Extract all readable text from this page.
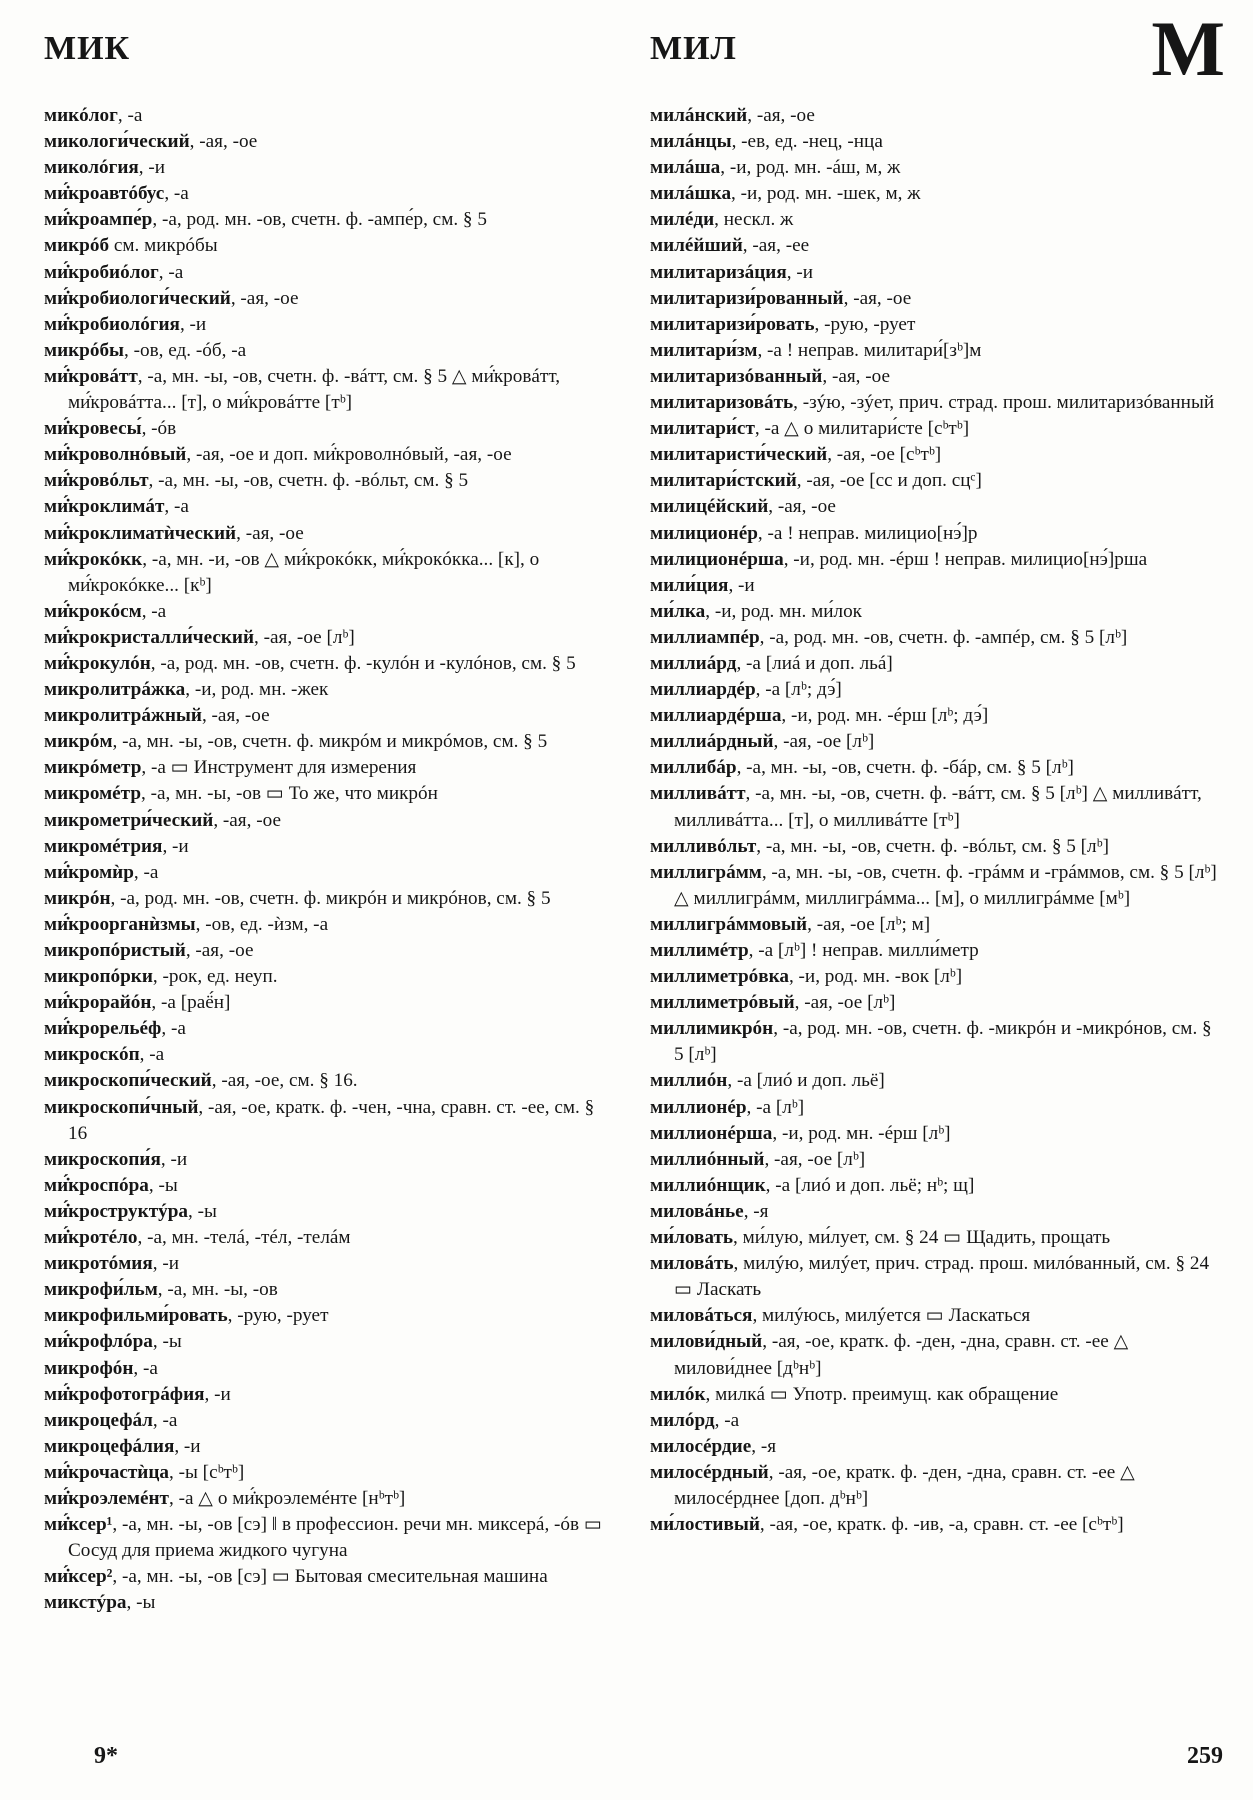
МИК	МИЛ	М

микóлог, -а

микологи́ческий, -ая, -ое

миколóгия, -и

ми̇́кроавтóбус, -а

ми̇́кроампе́р, -а, род. мн. -ов, счетн. ф. -ампе́р, см. § 5

микрóб см. микрóбы

ми̇́кробиóлог, -а

ми̇́кробиологи́ческий, -ая, -ое

ми̇́кробиолóгия, -и

микрóбы, -ов, ед. -óб, -а

ми̇́кровáтт, -а, мн. -ы, -ов, счетн. ф. -вáтт, см. § 5 △ ми̇́кровáтт, ми̇́кровáтта... [т], о ми̇́кровáтте [тᵇ]

ми̇́кровесы́, -óв

ми̇́кроволнóвый, -ая, -ое и доп. ми̇́кроволнóвый, -ая, -ое

ми̇́кровóльт, -а, мн. -ы, -ов, счетн. ф. -вóльт, см. § 5

ми̇́кроклимáт, -а

ми̇́кроклиматѝческий, -ая, -ое

ми̇́крокóкк, -а, мн. -и, -ов △ ми̇́крокóкк, ми̇́крокóкка... [к], о ми̇́крокóкке... [кᵇ]

ми̇́крокóсм, -а

ми̇́крокристалли́ческий, -ая, -ое [лᵇ]

ми̇́крокулóн, -а, род. мн. -ов, счетн. ф. -кулóн и -кулóнов, см. § 5

микролитрáжка, -и, род. мн. -жек

микролитрáжный, -ая, -ое

микрóм, -а, мн. -ы, -ов, счетн. ф. микрóм и микрóмов, см. § 5

микрóметр, -а ▭ Инструмент для измерения

микромéтр, -а, мн. -ы, -ов ▭ То же, что микрóн

микрометри́ческий, -ая, -ое

микромéтрия, -и

ми̇́кромѝр, -а

микрóн, -а, род. мн. -ов, счетн. ф. микрóн и микрóнов, см. § 5

ми̇́кроорганѝзмы, -ов, ед. -ѝзм, -а

микропóристый, -ая, -ое

микропóрки, -рок, ед. неуп.

ми̇́крорайóн, -а [раё́н]

ми̇́крорельéф, -а

микроскóп, -а

микроскопи́ческий, -ая, -ое, см. § 16.

микроскопи́чный, -ая, -ое, кратк. ф. -чен, -чна, сравн. ст. -ее, см. § 16

микроскопи́я, -и

ми̇́кроспóра, -ы

ми̇́кроструктýра, -ы

ми̇́кротéло, -а, мн. -телá, -тéл, -телáм

микротóмия, -и

микрофи́льм, -а, мн. -ы, -ов

микрофильми́ровать, -рую, -рует

ми̇́крофлóра, -ы

микрофóн, -а

ми̇́крофотогрáфия, -и

микроцефáл, -а

микроцефáлия, -и

ми̇́крочастѝца, -ы [сᵇтᵇ]

ми̇́кроэлемéнт, -а △ о ми̇́кроэлемéнте [нᵇтᵇ]

ми̇́ксер¹, -а, мн. -ы, -ов [сэ] ‖ в профессион. речи мн. миксерá, -óв ▭ Сосуд для приема жидкого чугуна

ми̇́ксер², -а, мн. -ы, -ов [сэ] ▭ Бытовая смесительная машина

микстýра, -ы

милáнский, -ая, -ое

милáнцы, -ев, ед. -нец, -нца

милáша, -и, род. мн. -áш, м, ж

милáшка, -и, род. мн. -шек, м, ж

милéди, нескл. ж

милéйший, -ая, -ее

милитаризáция, -и

милитаризи́рованный, -ая, -ое

милитаризи́ровать, -рую, -рует

милитари́зм, -а ! неправ. милитари́[зᵇ]м

милитаризóванный, -ая, -ое

милитаризовáть, -зýю, -зýет, прич. страд. прош. милитаризóванный

милитари́ст, -а △ о милитари́сте [сᵇтᵇ]

милитаристи́ческий, -ая, -ое [сᵇтᵇ]

милитари́стский, -ая, -ое [сс и доп. сцᶜ]

милицéйский, -ая, -ое

милиционéр, -а ! неправ. милицио[нэ́]р

милиционéрша, -и, род. мн. -éрш ! неправ. милицио[нэ́]рша

мили́ция, -и

ми́лка, -и, род. мн. ми́лок

миллиампéр, -а, род. мн. -ов, счетн. ф. -ампéр, см. § 5 [лᵇ]

миллиáрд, -а [лиá и доп. льá]

миллиардéр, -а [лᵇ; дэ́]

миллиардéрша, -и, род. мн. -éрш [лᵇ; дэ́]

миллиáрдный, -ая, -ое [лᵇ]

миллибáр, -а, мн. -ы, -ов, счетн. ф. -бáр, см. § 5 [лᵇ]

милливáтт, -а, мн. -ы, -ов, счетн. ф. -вáтт, см. § 5 [лᵇ] △ милливáтт, милливáтта... [т], о милливáтте [тᵇ]

милливóльт, -а, мн. -ы, -ов, счетн. ф. -вóльт, см. § 5 [лᵇ]

миллигрáмм, -а, мн. -ы, -ов, счетн. ф. -грáмм и -грáммов, см. § 5 [лᵇ] △ миллигрáмм, миллигрáмма... [м], о миллигрáмме [мᵇ]

миллигрáммовый, -ая, -ое [лᵇ; м]

миллимéтр, -а [лᵇ] ! неправ. милли́метр

миллиметрóвка, -и, род. мн. -вок [лᵇ]

миллиметрóвый, -ая, -ое [лᵇ]

миллимикрóн, -а, род. мн. -ов, счетн. ф. -микрóн и -микрóнов, см. § 5 [лᵇ]

миллиóн, -а [лиó и доп. льё]

миллионéр, -а [лᵇ]

миллионéрша, -и, род. мн. -éрш [лᵇ]

миллиóнный, -ая, -ое [лᵇ]

миллиóнщик, -а [лиó и доп. льё; нᵇ; щ]

миловáнье, -я

ми́ловать, ми́лую, ми́лует, см. § 24 ▭ Щадить, прощать

миловáть, милýю, милýет, прич. страд. прош. милóванный, см. § 24 ▭ Ласкать

миловáться, милýюсь, милýется ▭ Ласкаться

милови́дный, -ая, -ое, кратк. ф. -ден, -дна, сравн. ст. -ее △ милови́днее [дᵇнᵇ]

милóк, милкá ▭ Употр. преимущ. как обращение

милóрд, -а

милосéрдие, -я

милосéрдный, -ая, -ое, кратк. ф. -ден, -дна, сравн. ст. -ее △ милосéрднее [доп. дᵇнᵇ]

ми́лостивый, -ая, -ое, кратк. ф. -ив, -а, сравн. ст. -ее [сᵇтᵇ]

9*	259
